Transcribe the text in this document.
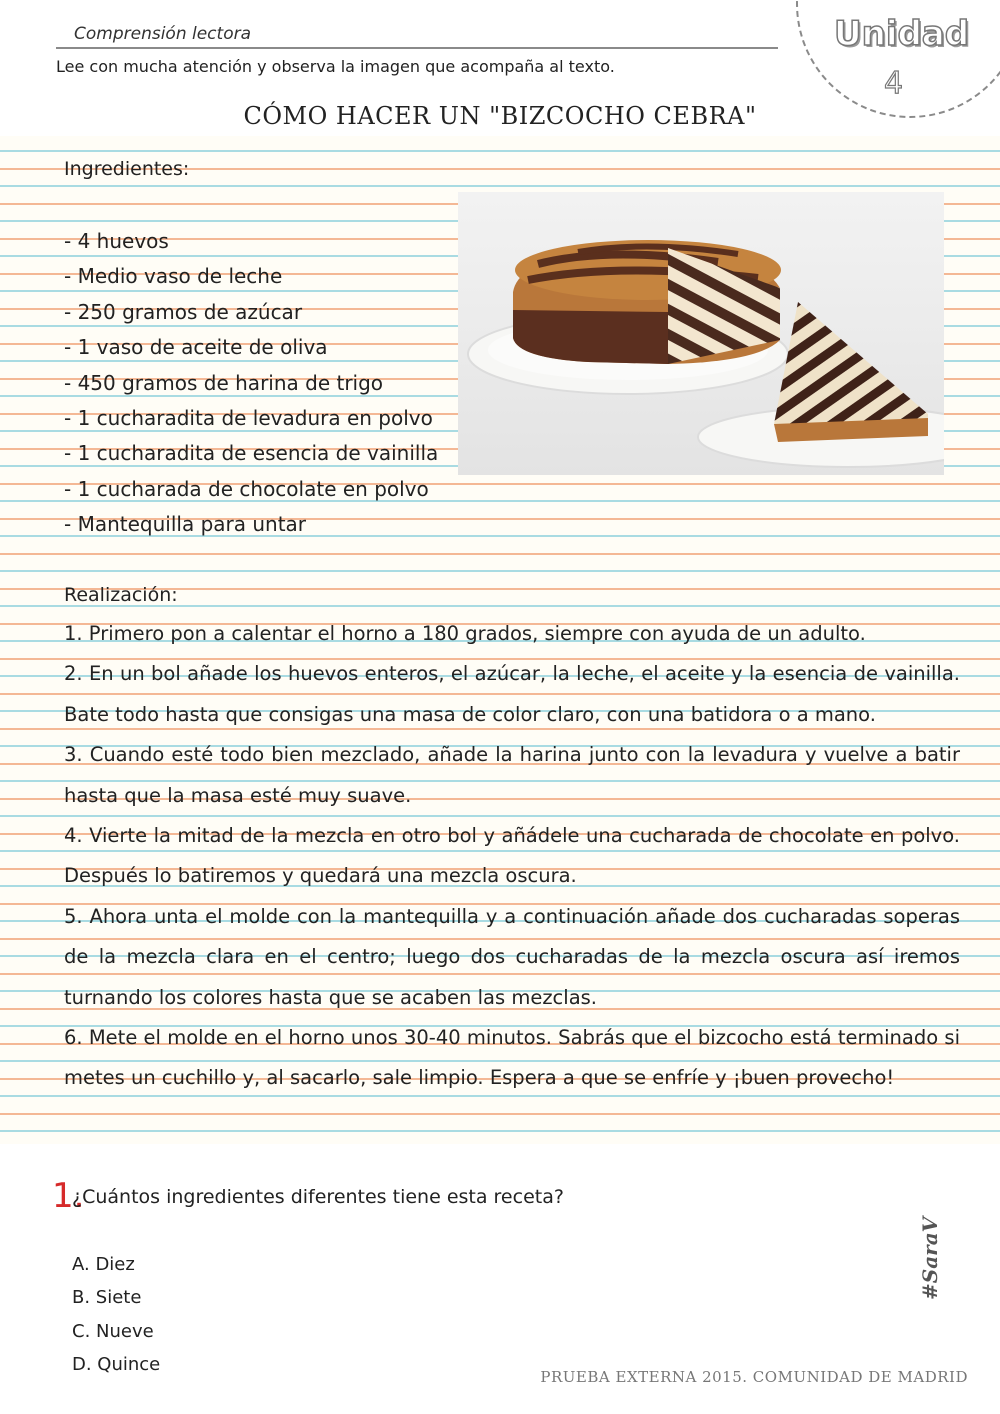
Comprensión lectora
Lee con mucha atención y observa la imagen que acompaña al texto.
Unidad
4
CÓMO HACER UN "BIZCOCHO CEBRA"
Ingredientes:
- 4 huevos
- Medio vaso de leche
- 250 gramos de azúcar
- 1 vaso de aceite de oliva
- 450 gramos de harina de trigo
- 1 cucharadita de levadura en polvo
- 1 cucharadita de esencia de vainilla
- 1 cucharada de chocolate en polvo
- Mantequilla para untar
Realización:

1. Primero pon a calentar el horno a 180 grados, siempre con ayuda de un adulto.

2. En un bol añade los huevos enteros, el azúcar, la leche, el aceite y la esencia de vainilla. Bate todo hasta que consigas una masa de color claro, con una batidora o a mano.

3. Cuando esté todo bien mezclado, añade la harina junto con la levadura y vuelve a batir hasta que la masa esté muy suave.

4. Vierte la mitad de la mezcla en otro bol y añádele una cucharada de chocolate en polvo. Después lo batiremos y quedará una mezcla oscura.

5. Ahora unta el molde con la mantequilla y a continuación añade dos cucharadas soperas de la mezcla clara en el centro; luego dos cucharadas de la mezcla oscura así iremos turnando los colores hasta que se acaben las mezclas.

6. Mete el molde en el horno unos 30-40 minutos. Sabrás que el bizcocho está terminado si metes un cuchillo y, al sacarlo, sale limpio. Espera a que se enfríe y ¡buen provecho!

1.
¿Cuántos ingredientes diferentes tiene esta receta?
A. Diez
B. Siete
C. Nueve
D. Quince
#SaraV
PRUEBA EXTERNA 2015. COMUNIDAD DE MADRID
